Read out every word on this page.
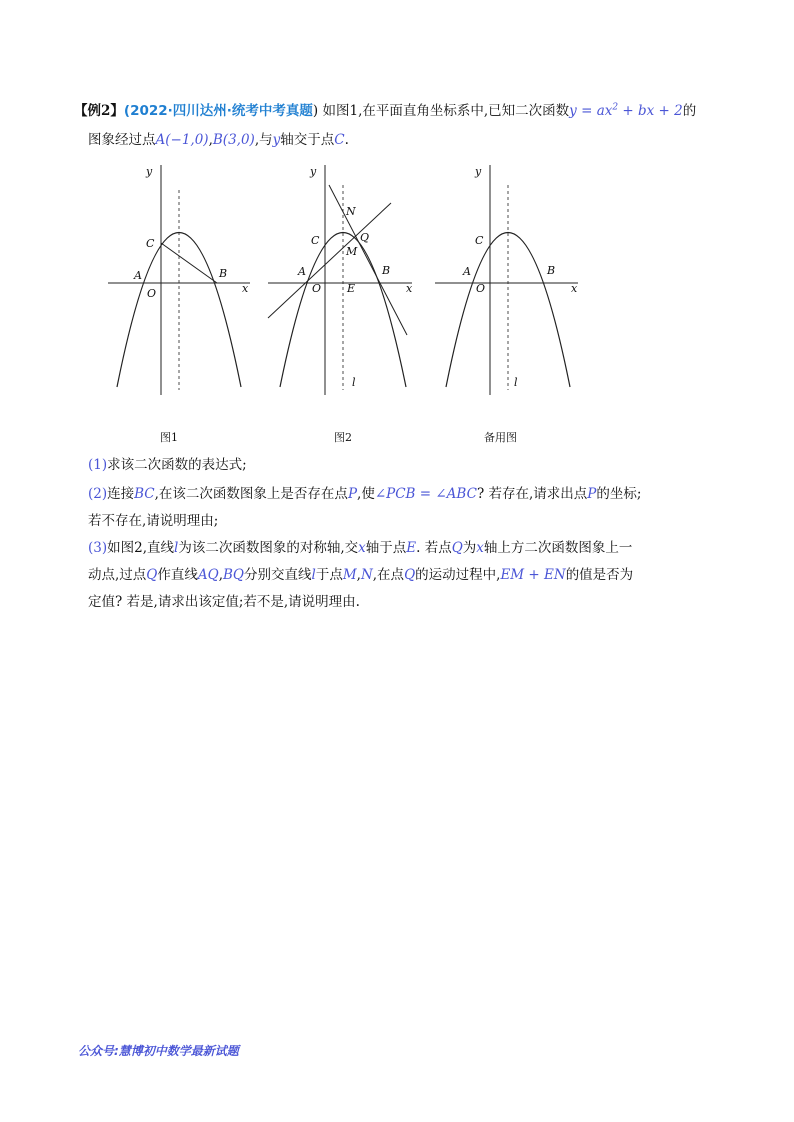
【例2】(2022·四川达州·统考中考真题) 如图1,在平面直角坐标系中,已知二次函数$y = ax^2$ + bx + 2的
图象经过点A(−1,0),B(3,0),与y轴交于点C.
y
x
C
A	B
O
图1
y
x
N
C	Q
M
A	B
O E
l
图2
y
x
C
A	B
O
l
备用图
(1)求该二次函数的表达式;
(2)连接BC,在该二次函数图象上是否存在点P,使∠PCB = ∠ABC? 若存在,请求出点P的坐标;
若不存在,请说明理由;
(3)如图2,直线l为该二次函数图象的对称轴,交x轴于点E. 若点Q为x轴上方二次函数图象上一
动点,过点Q作直线AQ,BQ分别交直线l于点M,N,在点Q的运动过程中,EM + EN的值是否为
定值? 若是,请求出该定值;若不是,请说明理由.
公众号:慧博初中数学最新试题
